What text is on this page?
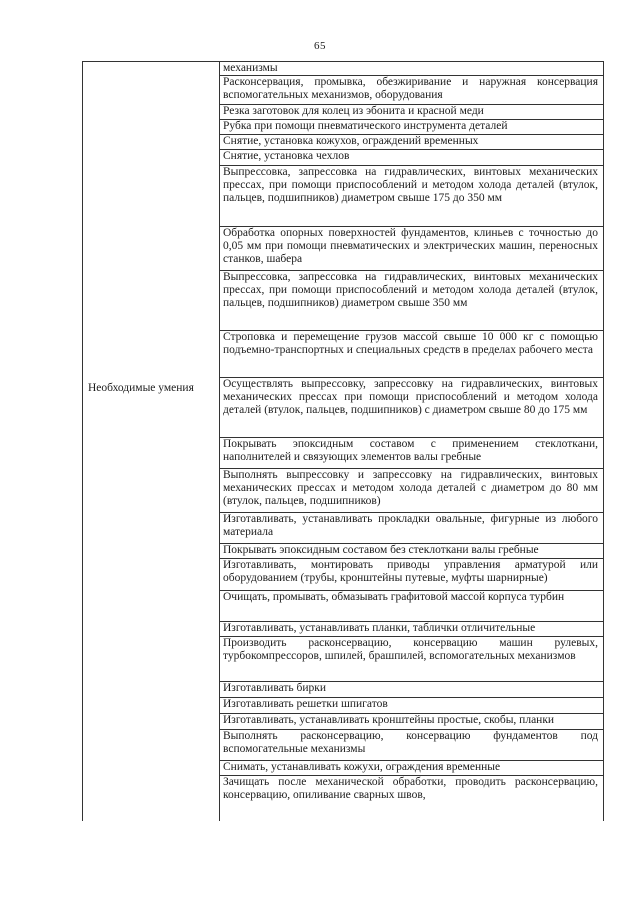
65
Необходимые умения
механизмы
Расконсервация, промывка, обезжиривание и наружная консервация вспомогательных механизмов, оборудования
Резка заготовок для колец из эбонита и красной меди
Рубка при помощи пневматического инструмента деталей
Снятие, установка кожухов, ограждений временных
Снятие, установка чехлов
Выпрессовка, запрессовка на гидравлических, винтовых механических прессах, при помощи приспособлений и методом холода деталей (втулок, пальцев, подшипников) диаметром свыше 175 до 350 мм
Обработка опорных поверхностей фундаментов, клиньев с точностью до 0,05 мм при помощи пневматических и электрических машин, переносных станков, шабера
Выпрессовка, запрессовка на гидравлических, винтовых механических прессах, при помощи приспособлений и методом холода деталей (втулок, пальцев, подшипников) диаметром свыше 350 мм
Строповка и перемещение грузов массой свыше 10 000 кг с помощью подъемно-транспортных и специальных средств в пределах рабочего места
Осуществлять выпрессовку, запрессовку на гидравлических, винтовых механических прессах при помощи приспособлений и методом холода деталей (втулок, пальцев, подшипников) с диаметром свыше 80 до 175 мм
Покрывать эпоксидным составом с применением стеклоткани, наполнителей и связующих элементов валы гребные
Выполнять выпрессовку и запрессовку на гидравлических, винтовых механических прессах и методом холода деталей с диаметром до 80 мм (втулок, пальцев, подшипников)
Изготавливать, устанавливать прокладки овальные, фигурные из любого материала
Покрывать эпоксидным составом без стеклоткани валы гребные
Изготавливать, монтировать приводы управления арматурой или оборудованием (трубы, кронштейны путевые, муфты шарнирные)
Очищать, промывать, обмазывать графитовой массой корпуса турбин
Изготавливать, устанавливать планки, таблички отличительные
Производить расконсервацию, консервацию машин рулевых, турбокомпрессоров, шпилей, брашпилей, вспомогательных механизмов
Изготавливать бирки
Изготавливать решетки шпигатов
Изготавливать, устанавливать кронштейны простые, скобы, планки
Выполнять расконсервацию, консервацию фундаментов под вспомогательные механизмы
Снимать, устанавливать кожухи, ограждения временные
Зачищать после механической обработки, проводить расконсервацию, консервацию, опиливание сварных швов,
